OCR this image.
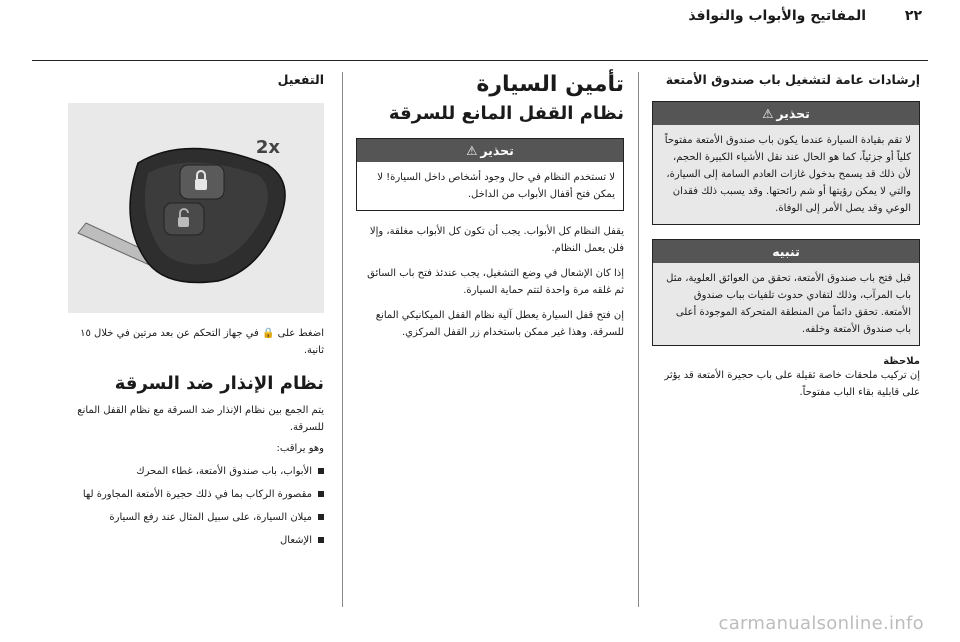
٢٢ المفاتيح والأبواب والنوافذ
إرشادات عامة لتشغيل باب صندوق الأمتعة
تحذير
⚠
لا تقم بقيادة السيارة عندما يكون باب صندوق الأمتعة مفتوحاً كلياً أو جزئياً، كما هو الحال عند نقل الأشياء الكبيرة الحجم، لأن ذلك قد يسمح بدخول غازات العادم السامة إلى السيارة، والتي لا يمكن رؤيتها أو شم رائحتها. وقد يسبب ذلك فقدان الوعي وقد يصل الأمر إلى الوفاة.
تنبيه
قبل فتح باب صندوق الأمتعة، تحقق من العوائق العلوية، مثل باب المرآب، وذلك لتفادي حدوث تلفيات بباب صندوق الأمتعة. تحقق دائماً من المنطقة المتحركة الموجودة أعلى باب صندوق الأمتعة وخلفه.
ملاحظة

إن تركيب ملحقات خاصة ثقيلة على باب حجيرة الأمتعة قد يؤثر على قابلية بقاء الباب مفتوحاً.

تأمين السيارة
نظام القفل المانع للسرقة
تحذير
⚠
لا تستخدم النظام في حال وجود أشخاص داخل السيارة! لا يمكن فتح أقفال الأبواب من الداخل.

يقفل النظام كل الأبواب. يجب أن تكون كل الأبواب مغلقة، وإلا فلن يعمل النظام.

إذا كان الإشعال في وضع التشغيل، يجب عندئذ فتح باب السائق ثم غلقه مرة واحدة لتتم حماية السيارة.

إن فتح قفل السيارة يعطل آلية نظام القفل الميكانيكي المانع للسرقة. وهذا غير ممكن باستخدام زر القفل المركزي.

التفعيل
2x

اضغط على 🔒 في جهاز التحكم عن بعد مرتين في خلال ١٥ ثانية.

نظام الإنذار ضد السرقة

يتم الجمع بين نظام الإنذار ضد السرقة مع نظام القفل المانع للسرقة.

وهو يراقب:

الأبواب، باب صندوق الأمتعة، غطاء المحرك

مقصورة الركاب بما في ذلك حجيرة الأمتعة المجاورة لها

ميلان السيارة، على سبيل المثال عند رفع السيارة

الإشعال

carmanualsonline.info
